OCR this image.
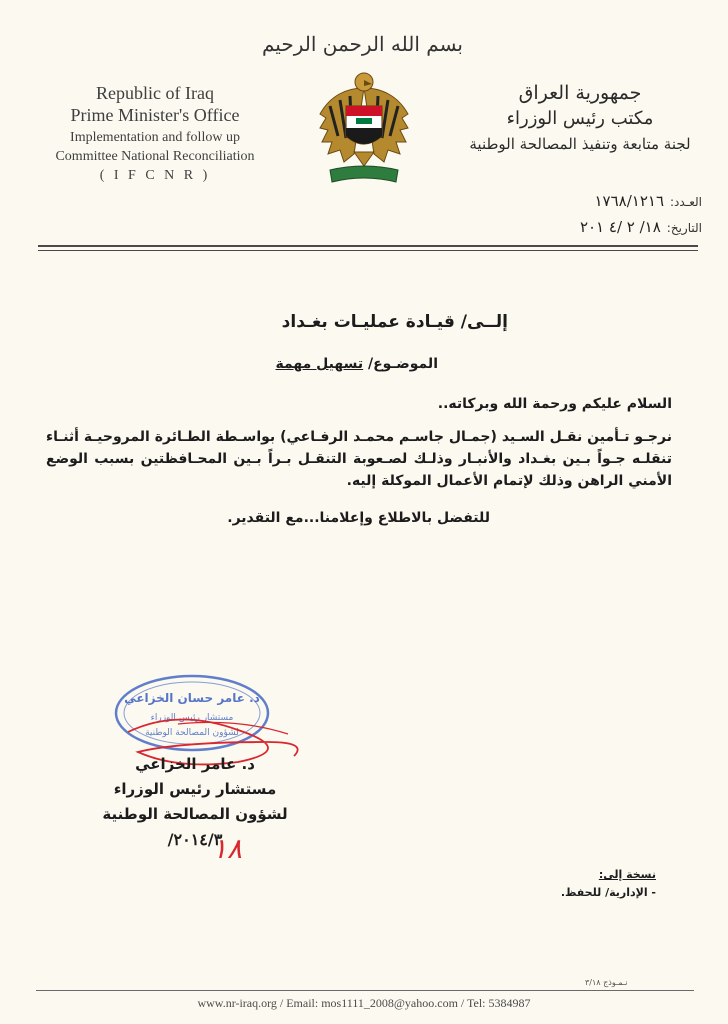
Republic of Iraq
Prime Minister's Office
Implementation and follow up
Committee National Reconciliation
( I F C N R )
بسم الله الرحمن الرحيم
جمهورية العراق
مكتب رئيس الوزراء
لجنة متابعة وتنفيذ المصالحة الوطنية
العـدد:١٧٦٨/١٢١٦
التاريخ:١٨/ ٢ /٤ ٢٠١
إلــى/ قيـادة عمليـات بغـداد
الموضـوع/ تسهيل مهمة
السلام عليكم ورحمة الله وبركاته..
نرجـو تـأمين نقـل السـيد (جمـال جاسـم محمـد الرفـاعي) بواسـطة الطـائرة المروحيـة أثنـاء تنقلـه جـواً بـين بغـداد والأنبـار وذلـك لصـعوبة التنقـل بـراً بـين المحـافظتين بسبب الوضع الأمني الراهن وذلك لإتمام الأعمال الموكلة إليه.
للتفضل بالاطلاع وإعلامنا...مع التقدير.
د. عامر حسان الخزاعي
مستشار رئيس الوزراء
لشؤون المصالحة الوطنية
د. عامر الخزاعي
مستشار رئيس الوزراء
لشؤون المصالحة الوطنية
٢٠١٤/٣/
١٨
نسخة إلى:
- الإدارية/ للحفظ.
نـمـوذج ٣/١٨
www.nr-iraq.org / Email: mos1111_2008@yahoo.com / Tel: 5384987
